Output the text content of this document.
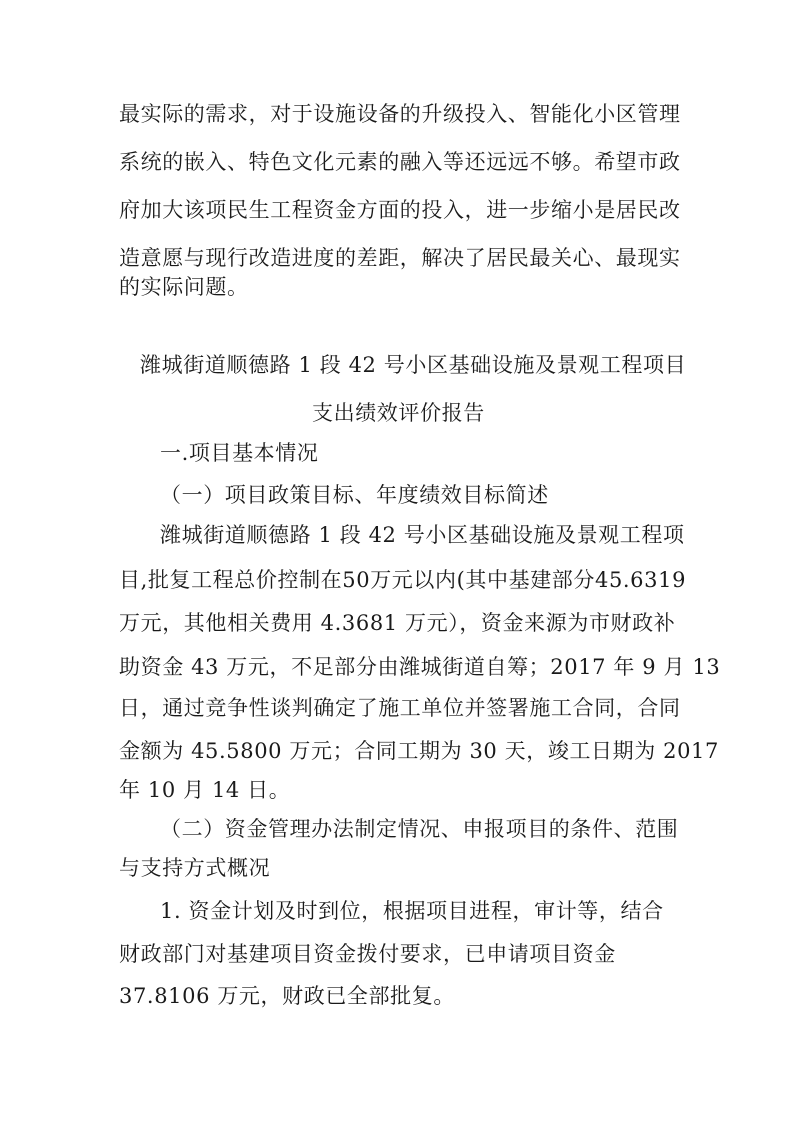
最实际的需求，对于设施设备的升级投入、智能化小区管理
系统的嵌入、特色文化元素的融入等还远远不够。希望市政
府加大该项民生工程资金方面的投入，进一步缩小是居民改
造意愿与现行改造进度的差距，解决了居民最关心、最现实
的实际问题。
潍城街道顺德路 1 段 42 号小区基础设施及景观工程项目
支出绩效评价报告
一.项目基本情况
（一）项目政策目标、年度绩效目标简述
潍城街道顺德路 1 段 42 号小区基础设施及景观工程项
目,批复工程总价控制在50万元以内(其中基建部分45.6319
万元，其他相关费用 4.3681 万元），资金来源为市财政补
助资金 43 万元，不足部分由潍城街道自筹；2017 年 9 月 13
日，通过竞争性谈判确定了施工单位并签署施工合同，合同
金额为 45.5800 万元；合同工期为 30 天，竣工日期为 2017
年 10 月 14 日。
（二）资金管理办法制定情况、申报项目的条件、范围
与支持方式概况
1. 资金计划及时到位，根据项目进程，审计等，结合
财政部门对基建项目资金拨付要求，已申请项目资金
37.8106 万元，财政已全部批复。
